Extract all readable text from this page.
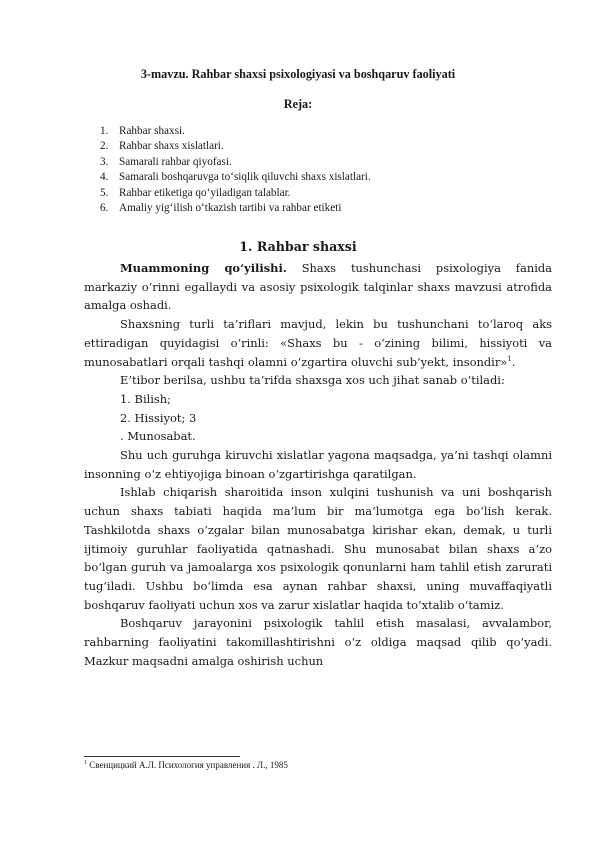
3-mavzu. Rahbar shaxsi psixologiyasi va boshqaruv faoliyati
Reja:
1. Rahbar shaxsi.
2. Rahbar shaxs xislatlari.
3. Samarali rahbar qiyofasi.
4. Samarali boshqaruvga to‘siqlik qiluvchi shaxs xislatlari.
5. Rahbar etiketiga qo‘yiladigan talablar.
6. Amaliy yig‘ilish o‘tkazish tartibi va rahbar etiketi
1. Rahbar shaxsi

Muammoning qo‘yilishi. Shaxs tushunchasi psixologiya fanida markaziy o‘rinni egallaydi va asosiy psixologik talqinlar shaxs mavzusi atrofida amalga oshadi.

Shaxsning turli ta’riflari mavjud, lekin bu tushunchani to‘laroq aks ettiradigan quyidagisi o‘rinli: «Shaxs bu - o‘zining bilimi, hissiyoti va munosabatlari orqali tashqi olamni o‘zgartira oluvchi sub’yekt, insondir»$^1$.

E’tibor berilsa, ushbu ta’rifda shaxsga xos uch jihat sanab o‘tiladi:

1. Bilish;

2. Hissiyot; 3

. Munosabat.

Shu uch guruhga kiruvchi xislatlar yagona maqsadga, ya’ni tashqi olamni insonning o‘z ehtiyojiga binoan o‘zgartirishga qaratilgan.

Ishlab chiqarish sharoitida inson xulqini tushunish va uni boshqarish uchun shaxs tabiati haqida ma’lum bir ma’lumotga ega bo‘lish kerak. Tashkilotda shaxs o‘zgalar bilan munosabatga kirishar ekan, demak, u turli ijtimoiy guruhlar faoliyatida qatnashadi. Shu munosabat bilan shaxs a’zo bo‘lgan guruh va jamoalarga xos psixologik qonunlarni ham tahlil etish zarurati tug‘iladi. Ushbu bo‘limda esa aynan rahbar shaxsi, uning muvaffaqiyatli boshqaruv faoliyati uchun xos va zarur xislatlar haqida to‘xtalib o‘tamiz.

Boshqaruv jarayonini psixologik tahlil etish masalasi, avvalambor, rahbarning faoliyatini takomillashtirishni o‘z oldiga maqsad qilib qo‘yadi. Mazkur maqsadni amalga oshirish uchun

$^1$ Свенцицкий А.Л. Психология управления . Л., 1985
